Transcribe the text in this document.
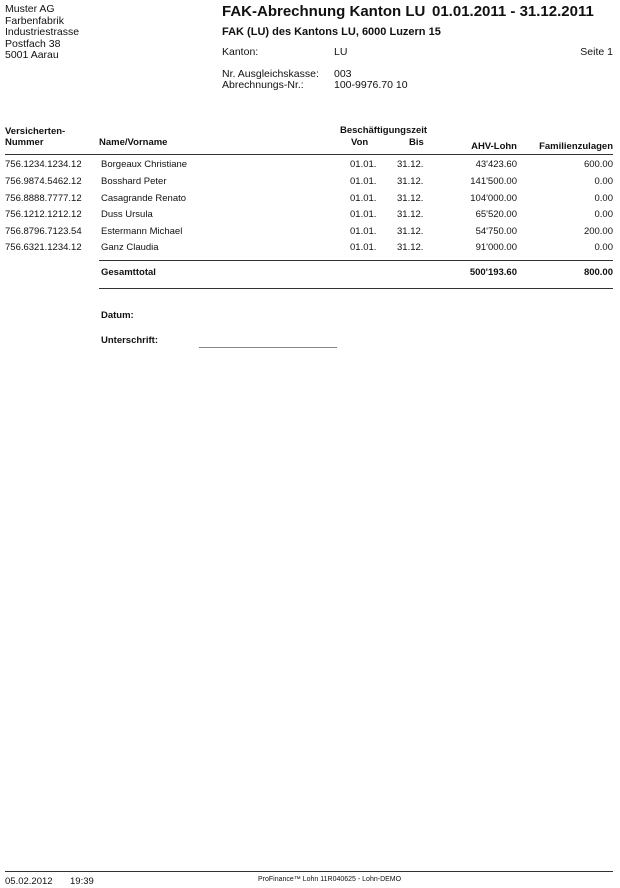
Muster AG
Farbenfabrik
Industriestrasse
Postfach 38
5001 Aarau
FAK-Abrechnung Kanton LU 01.01.2011 - 31.12.2011
FAK (LU) des Kantons LU, 6000 Luzern 15
Kanton:	LU	Seite 1
Nr. Ausgleichskasse: 003
Abrechnungs-Nr.:	100-9976.70 10
Versicherten-
Nummer	Name/Vorname
Beschäftigungszeit
Von	Bis	AHV-Lohn Familienzulagen
756.1234.1234.12 Borgeaux Christiane	01.01. 31.12.	43'423.60	600.00
756.9874.5462.12 Bosshard Peter	01.01. 31.12.	141'500.00	0.00
756.8888.7777.12 Casagrande Renato	01.01. 31.12.	104'000.00	0.00
756.1212.1212.12 Duss Ursula	01.01. 31.12.	65'520.00	0.00
756.8796.7123.54 Estermann Michael	01.01. 31.12.	54'750.00	200.00
756.6321.1234.12 Ganz Claudia	01.01. 31.12.	91'000.00	0.00
Gesamttotal	500'193.60	800.00
Datum:
Unterschrift:
05.02.2012 19:39	ProFinance™ Lohn 11R040625 - Lohn-DEMO
